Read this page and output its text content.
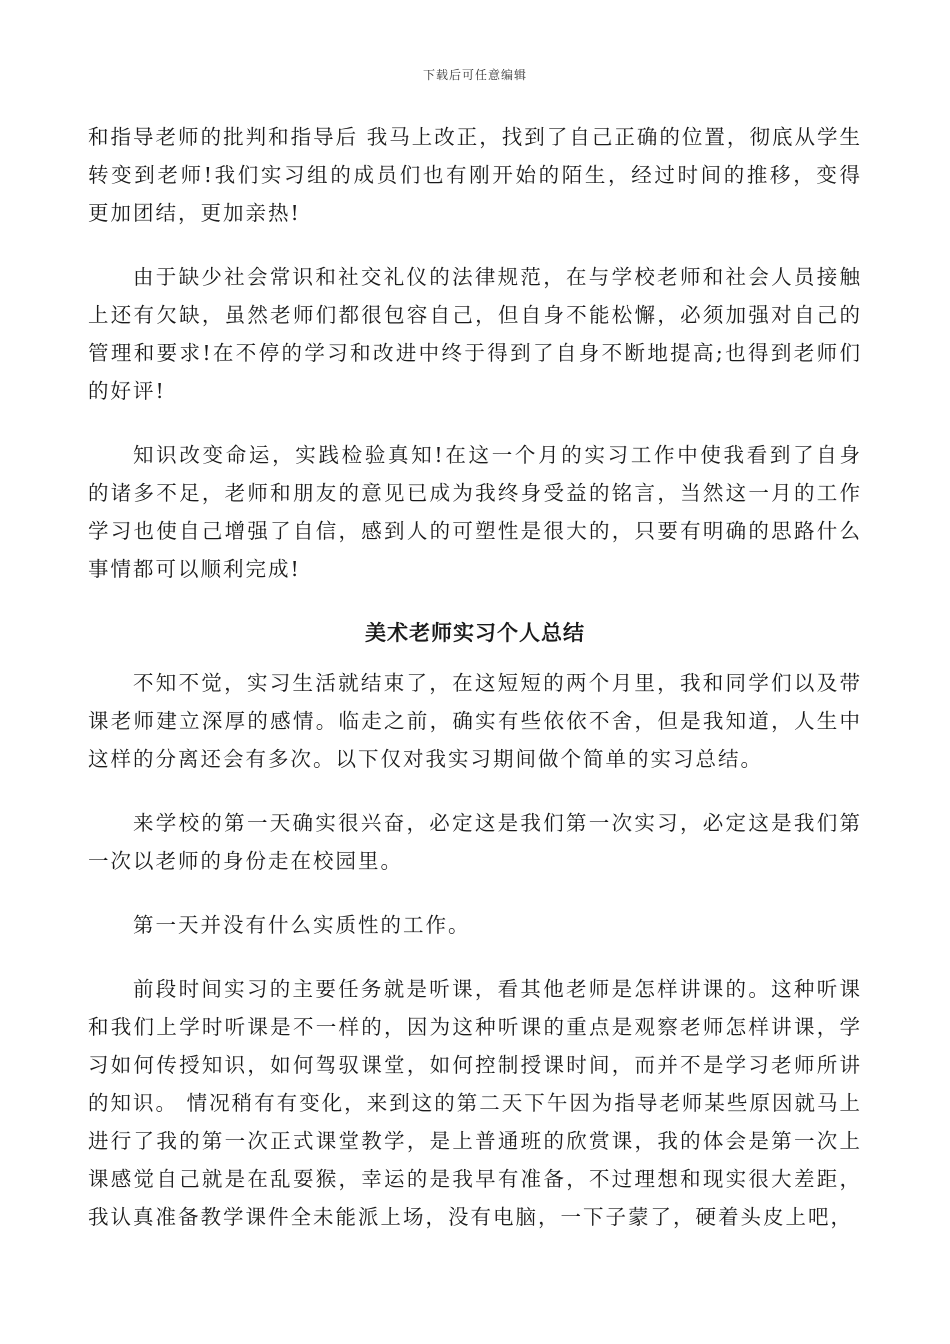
下载后可任意编辑

和指导老师的批判和指导后 我马上改正，找到了自己正确的位置，彻底从学生转变到老师!我们实习组的成员们也有刚开始的陌生，经过时间的推移，变得更加团结，更加亲热!

由于缺少社会常识和社交礼仪的法律规范，在与学校老师和社会人员接触上还有欠缺，虽然老师们都很包容自己，但自身不能松懈，必须加强对自己的管理和要求!在不停的学习和改进中终于得到了自身不断地提高;也得到老师们的好评!

知识改变命运，实践检验真知!在这一个月的实习工作中使我看到了自身的诸多不足，老师和朋友的意见已成为我终身受益的铭言，当然这一月的工作学习也使自己增强了自信，感到人的可塑性是很大的，只要有明确的思路什么事情都可以顺利完成!

美术老师实习个人总结

不知不觉，实习生活就结束了，在这短短的两个月里，我和同学们以及带课老师建立深厚的感情。临走之前，确实有些依依不舍，但是我知道，人生中这样的分离还会有多次。以下仅对我实习期间做个简单的实习总结。

来学校的第一天确实很兴奋，必定这是我们第一次实习，必定这是我们第一次以老师的身份走在校园里。

第一天并没有什么实质性的工作。

前段时间实习的主要任务就是听课，看其他老师是怎样讲课的。这种听课和我们上学时听课是不一样的，因为这种听课的重点是观察老师怎样讲课，学习如何传授知识，如何驾驭课堂，如何控制授课时间，而并不是学习老师所讲的知识。 情况稍有有变化，来到这的第二天下午因为指导老师某些原因就马上进行了我的第一次正式课堂教学，是上普通班的欣赏课，我的体会是第一次上课感觉自己就是在乱耍猴，幸运的是我早有准备，不过理想和现实很大差距，我认真准备教学课件全未能派上场，没有电脑，一下子蒙了，硬着头皮上吧，
